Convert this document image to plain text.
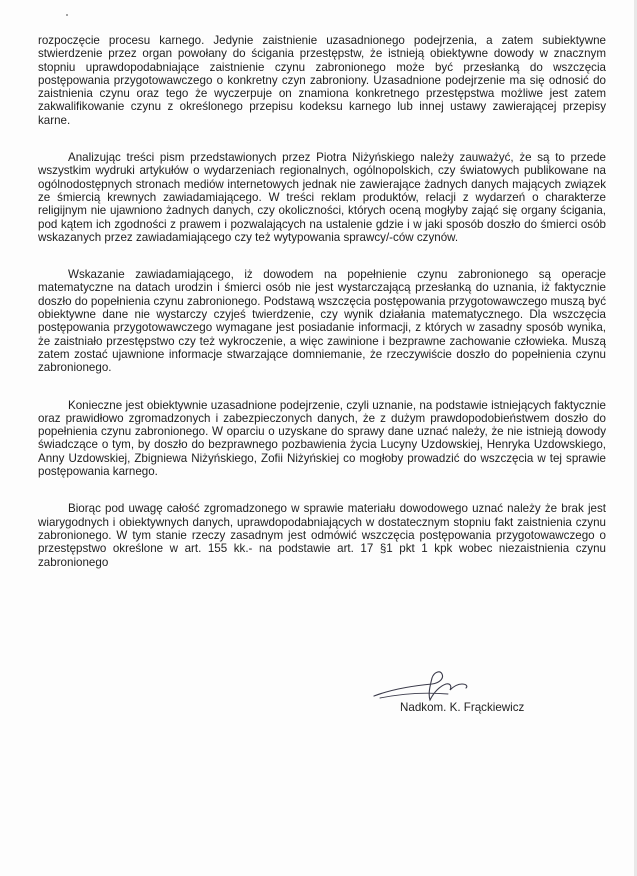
rozpoczęcie procesu karnego. Jedynie zaistnienie uzasadnionego podejrzenia, a zatem subiektywne stwierdzenie przez organ powołany do ścigania przestępstw, że istnieją obiektywne dowody w znacznym stopniu uprawdopodabniające zaistnienie czynu zabronionego może być przesłanką do wszczęcia postępowania przygotowawczego o konkretny czyn zabroniony. Uzasadnione podejrzenie ma się odnosić do zaistnienia czynu oraz tego że wyczerpuje on znamiona konkretnego przestępstwa możliwe jest zatem zakwalifikowanie czynu z określonego przepisu kodeksu karnego lub innej ustawy zawierającej przepisy karne.

Analizując treści pism przedstawionych przez Piotra Niżyńskiego należy zauważyć, że są to przede wszystkim wydruki artykułów o wydarzeniach regionalnych, ogólnopolskich, czy światowych publikowane na ogólnodostępnych stronach mediów internetowych jednak nie zawierające żadnych danych mających związek ze śmiercią krewnych zawiadamiającego. W treści reklam produktów, relacji z wydarzeń o charakterze religijnym nie ujawniono żadnych danych, czy okoliczności, których oceną mogłyby zająć się organy ścigania, pod kątem ich zgodności z prawem i pozwalających na ustalenie gdzie i w jaki sposób doszło do śmierci osób wskazanych przez zawiadamiającego czy też wytypowania sprawcy/-ców czynów.

Wskazanie zawiadamiającego, iż dowodem na popełnienie czynu zabronionego są operacje matematyczne na datach urodzin i śmierci osób nie jest wystarczającą przesłanką do uznania, iż faktycznie doszło do popełnienia czynu zabronionego. Podstawą wszczęcia postępowania przygotowawczego muszą być obiektywne dane nie wystarczy czyjeś twierdzenie, czy wynik działania matematycznego. Dla wszczęcia postępowania przygotowawczego wymagane jest posiadanie informacji, z których w zasadny sposób wynika, że zaistniało przestępstwo czy też wykroczenie, a więc zawinione i bezprawne zachowanie człowieka. Muszą zatem zostać ujawnione informacje stwarzające domniemanie, że rzeczywiście doszło do popełnienia czynu zabronionego.

Konieczne jest obiektywnie uzasadnione podejrzenie, czyli uznanie, na podstawie istniejących faktycznie oraz prawidłowo zgromadzonych i zabezpieczonych danych, że z dużym prawdopodobieństwem doszło do popełnienia czynu zabronionego. W oparciu o uzyskane do sprawy dane uznać należy, że nie istnieją dowody świadczące o tym, by doszło do bezprawnego pozbawienia życia Lucyny Uzdowskiej, Henryka Uzdowskiego, Anny Uzdowskiej, Zbigniewa Niżyńskiego, Zofii Niżyńskiej co mogłoby prowadzić do wszczęcia w tej sprawie postępowania karnego.

Biorąc pod uwagę całość zgromadzonego w sprawie materiału dowodowego uznać należy że brak jest wiarygodnych i obiektywnych danych, uprawdopodabniających w dostatecznym stopniu fakt zaistnienia czynu zabronionego. W tym stanie rzeczy zasadnym jest odmówić wszczęcia postępowania przygotowawczego o przestępstwo określone w art. 155 kk.- na podstawie art. 17 §1 pkt 1 kpk wobec niezaistnienia czynu zabronionego

Nadkom. K. Frąckiewicz
